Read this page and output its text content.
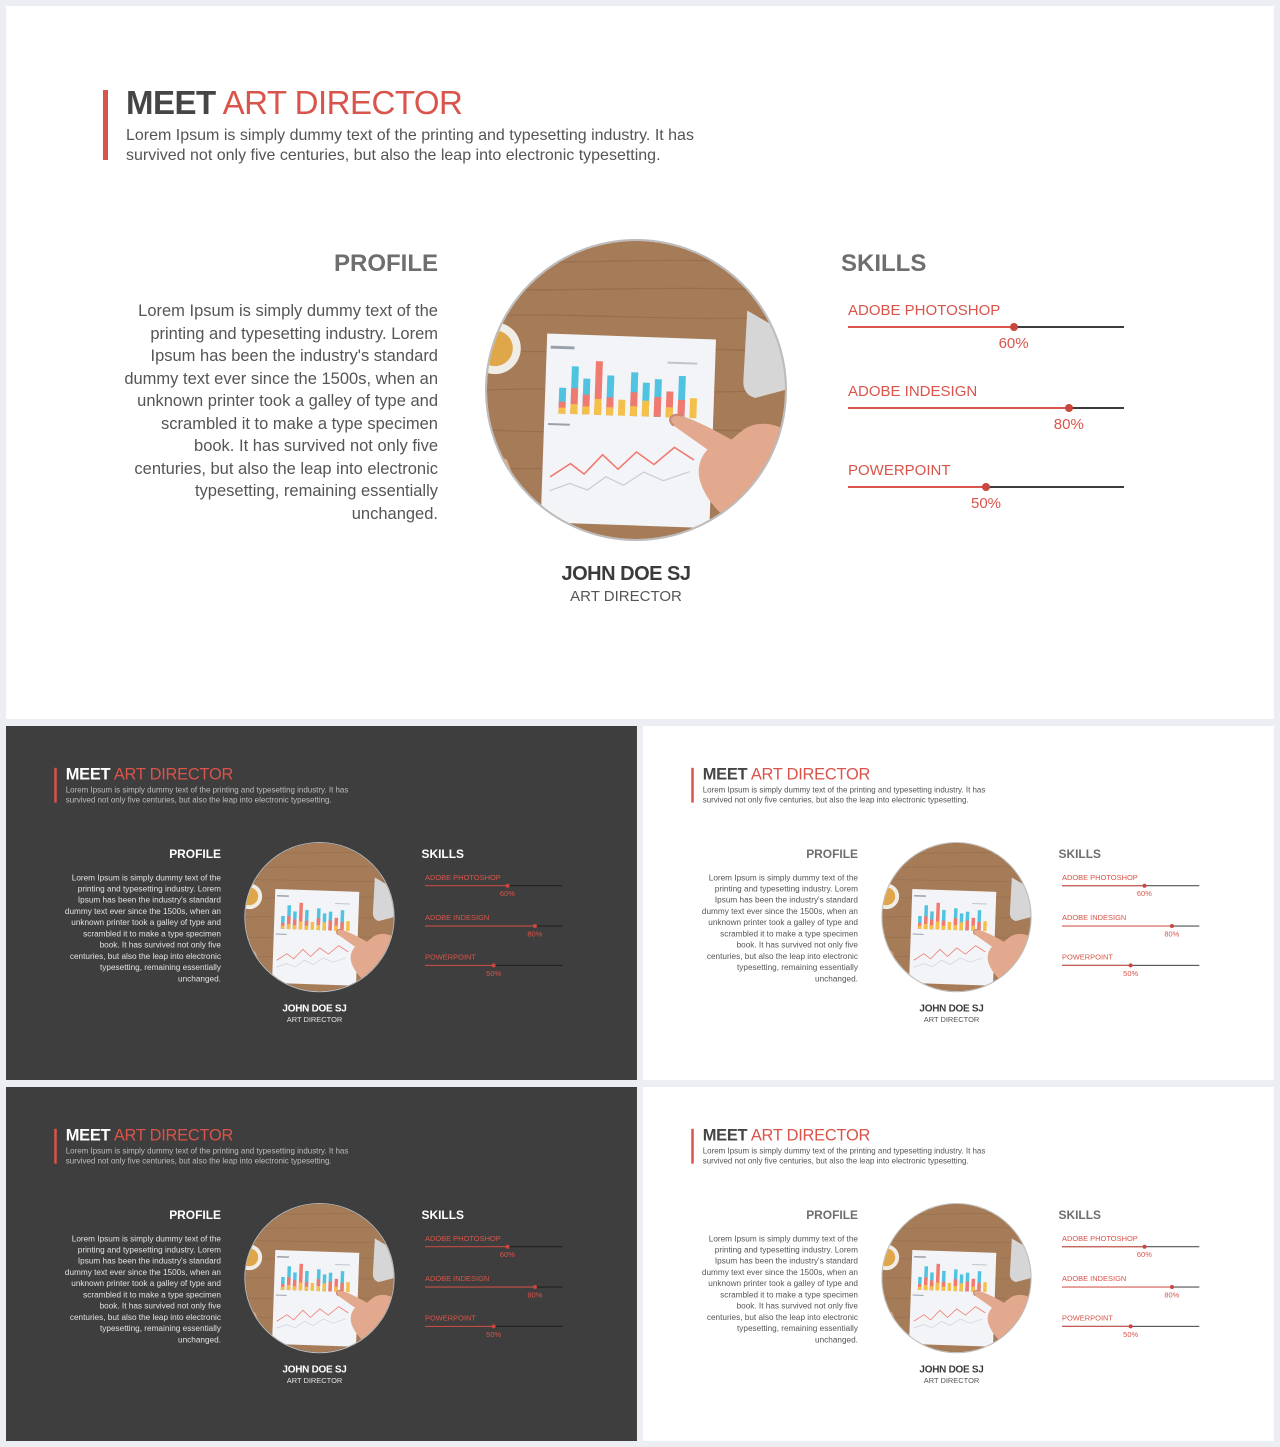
MEET ART DIRECTOR
Lorem Ipsum is simply dummy text of the printing and typesetting industry. It has survived not only five centuries, but also the leap into electronic typesetting.
PROFILE
Lorem Ipsum is simply dummy text of the printing and typesetting industry. Lorem Ipsum has been the industry's standard dummy text ever since the 1500s, when an unknown printer took a galley of type and scrambled it to make a type specimen book. It has survived not only five centuries, but also the leap into electronic typesetting, remaining essentially unchanged.
JOHN DOE SJ
ART DIRECTOR
SKILLS
ADOBE PHOTOSHOP
60%
ADOBE INDESIGN
80%
POWERPOINT
50%
MEET ART DIRECTOR
Lorem Ipsum is simply dummy text of the printing and typesetting industry. It has survived not only five centuries, but also the leap into electronic typesetting.
PROFILE
Lorem Ipsum is simply dummy text of the printing and typesetting industry. Lorem Ipsum has been the industry's standard dummy text ever since the 1500s, when an unknown printer took a galley of type and scrambled it to make a type specimen book. It has survived not only five centuries, but also the leap into electronic typesetting, remaining essentially unchanged.
JOHN DOE SJ
ART DIRECTOR
SKILLS
ADOBE PHOTOSHOP
60%
ADOBE INDESIGN
80%
POWERPOINT
50%
MEET ART DIRECTOR
Lorem Ipsum is simply dummy text of the printing and typesetting industry. It has survived not only five centuries, but also the leap into electronic typesetting.
PROFILE
Lorem Ipsum is simply dummy text of the printing and typesetting industry. Lorem Ipsum has been the industry's standard dummy text ever since the 1500s, when an unknown printer took a galley of type and scrambled it to make a type specimen book. It has survived not only five centuries, but also the leap into electronic typesetting, remaining essentially unchanged.
JOHN DOE SJ
ART DIRECTOR
SKILLS
ADOBE PHOTOSHOP
60%
ADOBE INDESIGN
80%
POWERPOINT
50%
MEET ART DIRECTOR
Lorem Ipsum is simply dummy text of the printing and typesetting industry. It has survived not only five centuries, but also the leap into electronic typesetting.
PROFILE
Lorem Ipsum is simply dummy text of the printing and typesetting industry. Lorem Ipsum has been the industry's standard dummy text ever since the 1500s, when an unknown printer took a galley of type and scrambled it to make a type specimen book. It has survived not only five centuries, but also the leap into electronic typesetting, remaining essentially unchanged.
JOHN DOE SJ
ART DIRECTOR
SKILLS
ADOBE PHOTOSHOP
60%
ADOBE INDESIGN
80%
POWERPOINT
50%
MEET ART DIRECTOR
Lorem Ipsum is simply dummy text of the printing and typesetting industry. It has survived not only five centuries, but also the leap into electronic typesetting.
PROFILE
Lorem Ipsum is simply dummy text of the printing and typesetting industry. Lorem Ipsum has been the industry's standard dummy text ever since the 1500s, when an unknown printer took a galley of type and scrambled it to make a type specimen book. It has survived not only five centuries, but also the leap into electronic typesetting, remaining essentially unchanged.
JOHN DOE SJ
ART DIRECTOR
SKILLS
ADOBE PHOTOSHOP
60%
ADOBE INDESIGN
80%
POWERPOINT
50%
